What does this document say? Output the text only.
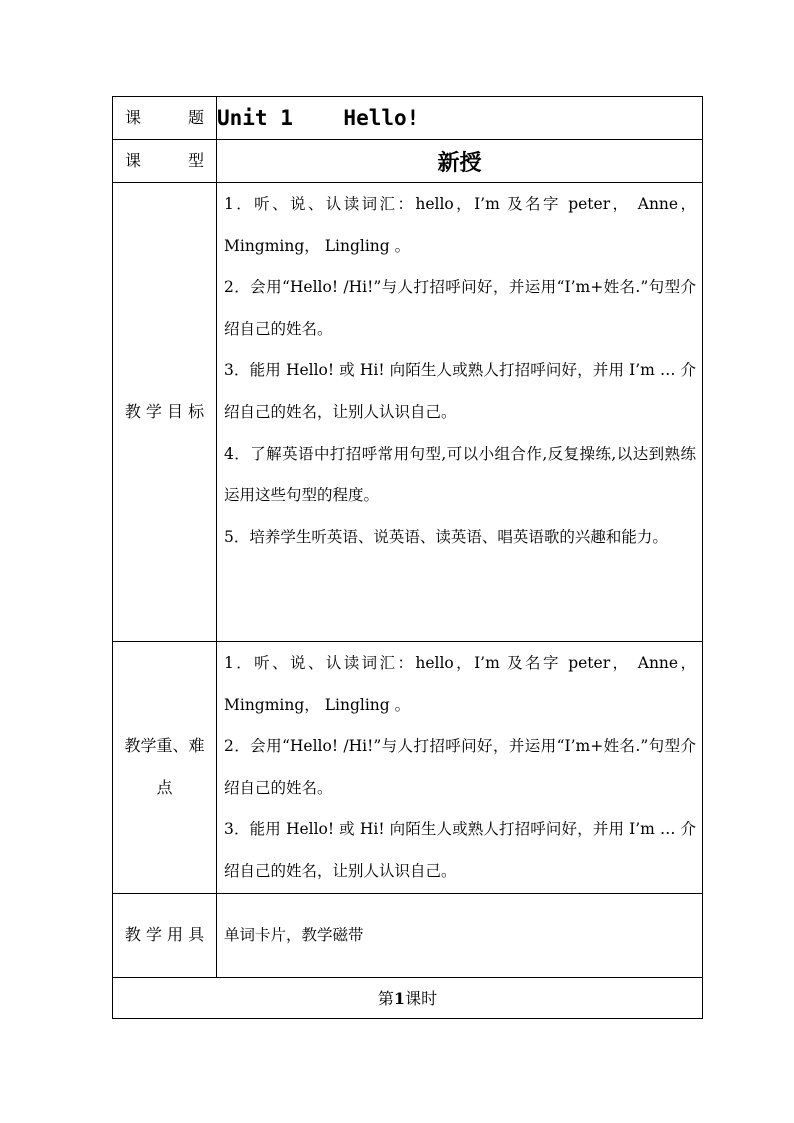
课 题	Unit 1    Hello!

课 型	新授

教 学 目 标	1．听、说、认读词汇：hello，I’m 及名字 peter， Anne， Mingming， Lingling 。

2．会用“Hello! /Hi!”与人打招呼问好，并运用“I’m+姓名.”句型介绍自己的姓名。

3．能用 Hello! 或 Hi! 向陌生人或熟人打招呼问好，并用 I’m … 介绍自己的姓名，让别人认识自己。

4．了解英语中打招呼常用句型,可以小组合作,反复操练,以达到熟练运用这些句型的程度。

5．培养学生听英语、说英语、读英语、唱英语歌的兴趣和能力。

教学重、难点	1．听、说、认读词汇：hello，I’m 及名字 peter， Anne， Mingming， Lingling 。

2．会用“Hello! /Hi!”与人打招呼问好，并运用“I’m+姓名.”句型介绍自己的姓名。

3．能用 Hello! 或 Hi! 向陌生人或熟人打招呼问好，并用 I’m … 介绍自己的姓名，让别人认识自己。

教 学 用 具	单词卡片，教学磁带

第1课时	
